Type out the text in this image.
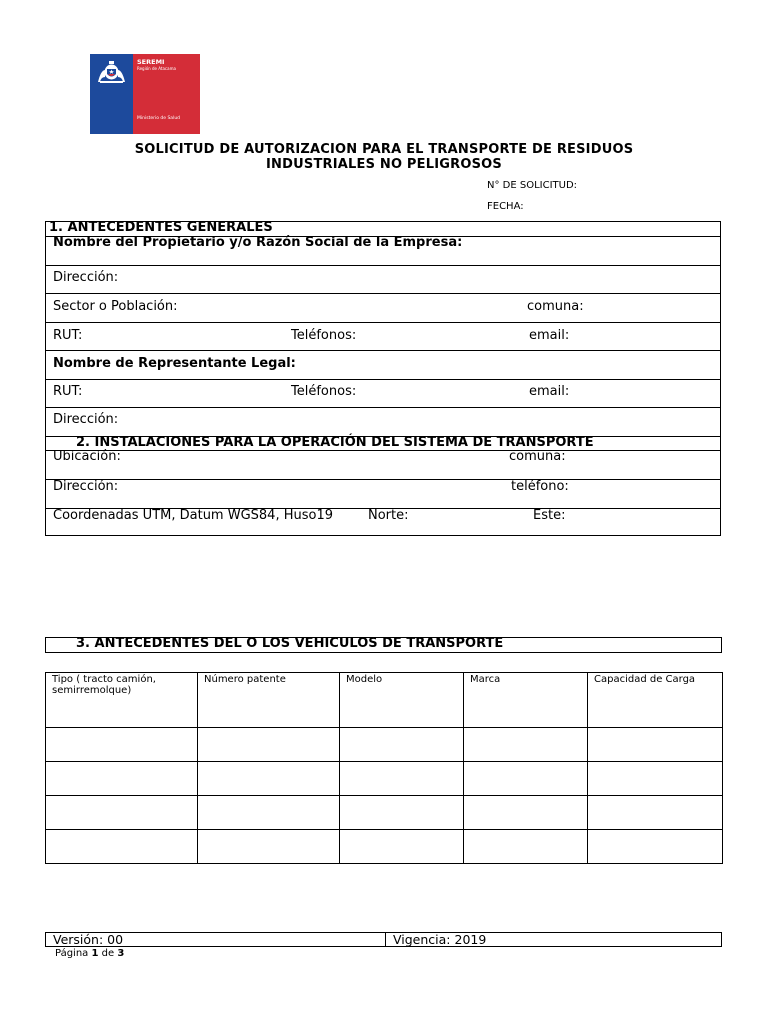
SEREMI
Región de Atacama
Ministerio de Salud
SOLICITUD DE AUTORIZACION PARA EL TRANSPORTE DE RESIDUOS
INDUSTRIALES NO PELIGROSOS
N° DE SOLICITUD:
FECHA:
1. ANTECEDENTES GENERALES
Nombre del Propietario y/o Razón Social de la Empresa:
Dirección:
Sector o Población:	comuna:
RUT:	Teléfonos:	email:
Nombre de Representante Legal:
RUT:	Teléfonos:	email:
Dirección:
2. INSTALACIONES PARA LA OPERACIÓN DEL SISTEMA DE TRANSPORTE
Ubicación:	comuna:
Dirección:	teléfono:
Coordenadas UTM, Datum WGS84, Huso19	Norte:	Este:
3. ANTECEDENTES DEL O LOS VEHICULOS DE TRANSPORTE
Tipo ( tracto camión, semirremolque)	Número patente	Modelo	Marca	Capacidad de Carga

Versión: 00	Vigencia: 2019
Página 1 de 3
